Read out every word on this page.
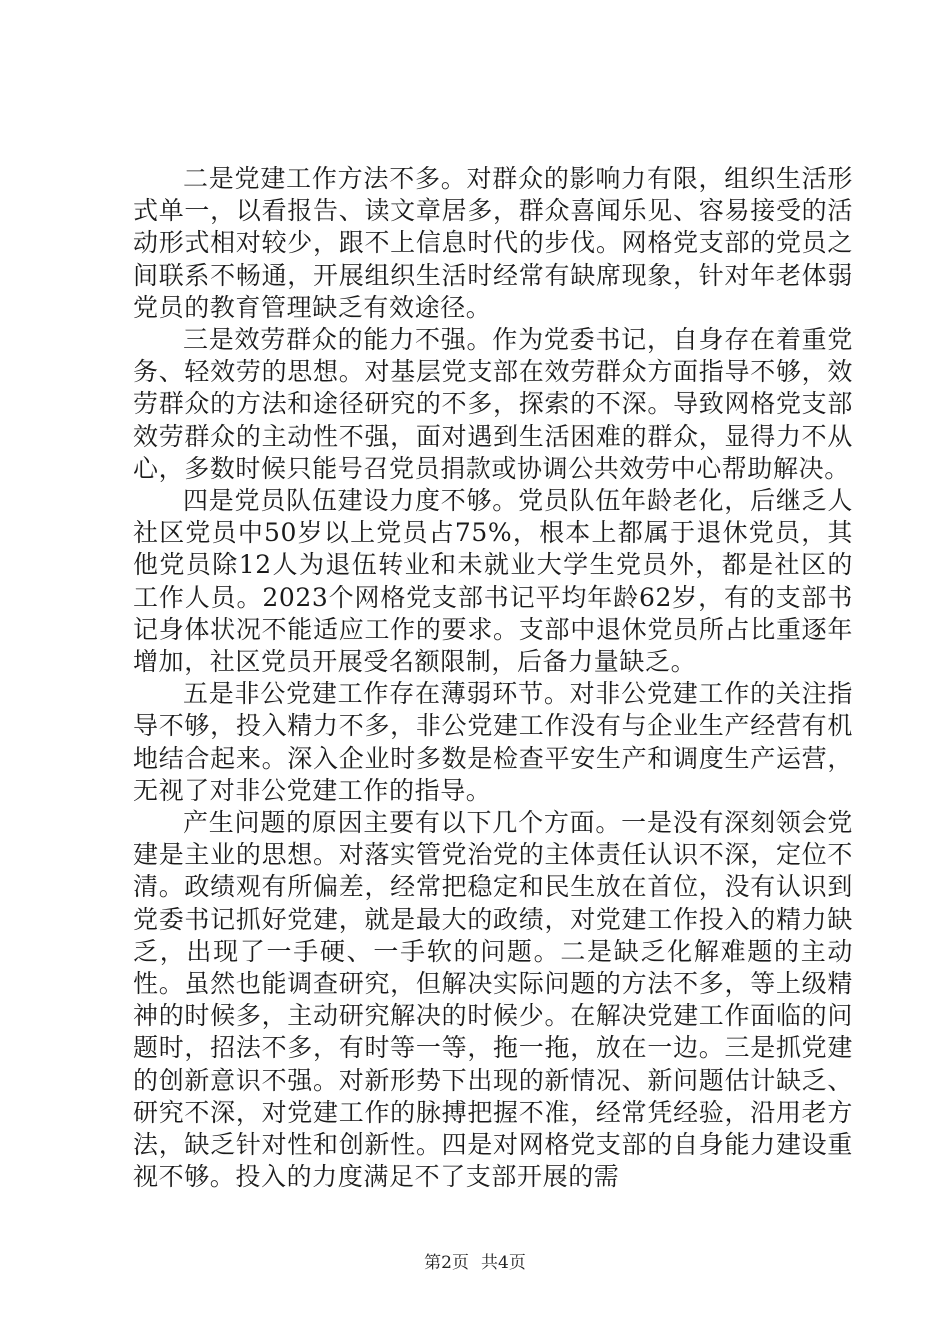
二是党建工作方法不多。对群众的影响力有限，组织生活形式单一，以看报告、读文章居多，群众喜闻乐见、容易接受的活动形式相对较少，跟不上信息时代的步伐。网格党支部的党员之间联系不畅通，开展组织生活时经常有缺席现象，针对年老体弱党员的教育管理缺乏有效途径。

三是效劳群众的能力不强。作为党委书记，自身存在着重党务、轻效劳的思想。对基层党支部在效劳群众方面指导不够，效劳群众的方法和途径研究的不多，探索的不深。导致网格党支部效劳群众的主动性不强，面对遇到生活困难的群众，显得力不从心，多数时候只能号召党员捐款或协调公共效劳中心帮助解决。

四是党员队伍建设力度不够。党员队伍年龄老化，后继乏人社区党员中50岁以上党员占75%，根本上都属于退休党员，其他党员除12人为退伍转业和未就业大学生党员外，都是社区的工作人员。2023个网格党支部书记平均年龄62岁，有的支部书记身体状况不能适应工作的要求。支部中退休党员所占比重逐年增加，社区党员开展受名额限制，后备力量缺乏。

五是非公党建工作存在薄弱环节。对非公党建工作的关注指导不够，投入精力不多，非公党建工作没有与企业生产经营有机地结合起来。深入企业时多数是检查平安生产和调度生产运营，无视了对非公党建工作的指导。

产生问题的原因主要有以下几个方面。一是没有深刻领会党建是主业的思想。对落实管党治党的主体责任认识不深，定位不清。政绩观有所偏差，经常把稳定和民生放在首位，没有认识到党委书记抓好党建，就是最大的政绩，对党建工作投入的精力缺乏，出现了一手硬、一手软的问题。二是缺乏化解难题的主动性。虽然也能调查研究，但解决实际问题的方法不多，等上级精神的时候多，主动研究解决的时候少。在解决党建工作面临的问题时，招法不多，有时等一等，拖一拖，放在一边。三是抓党建的创新意识不强。对新形势下出现的新情况、新问题估计缺乏、研究不深，对党建工作的脉搏把握不准，经常凭经验，沿用老方法，缺乏针对性和创新性。四是对网格党支部的自身能力建设重视不够。投入的力度满足不了支部开展的需

第2页 共4页
